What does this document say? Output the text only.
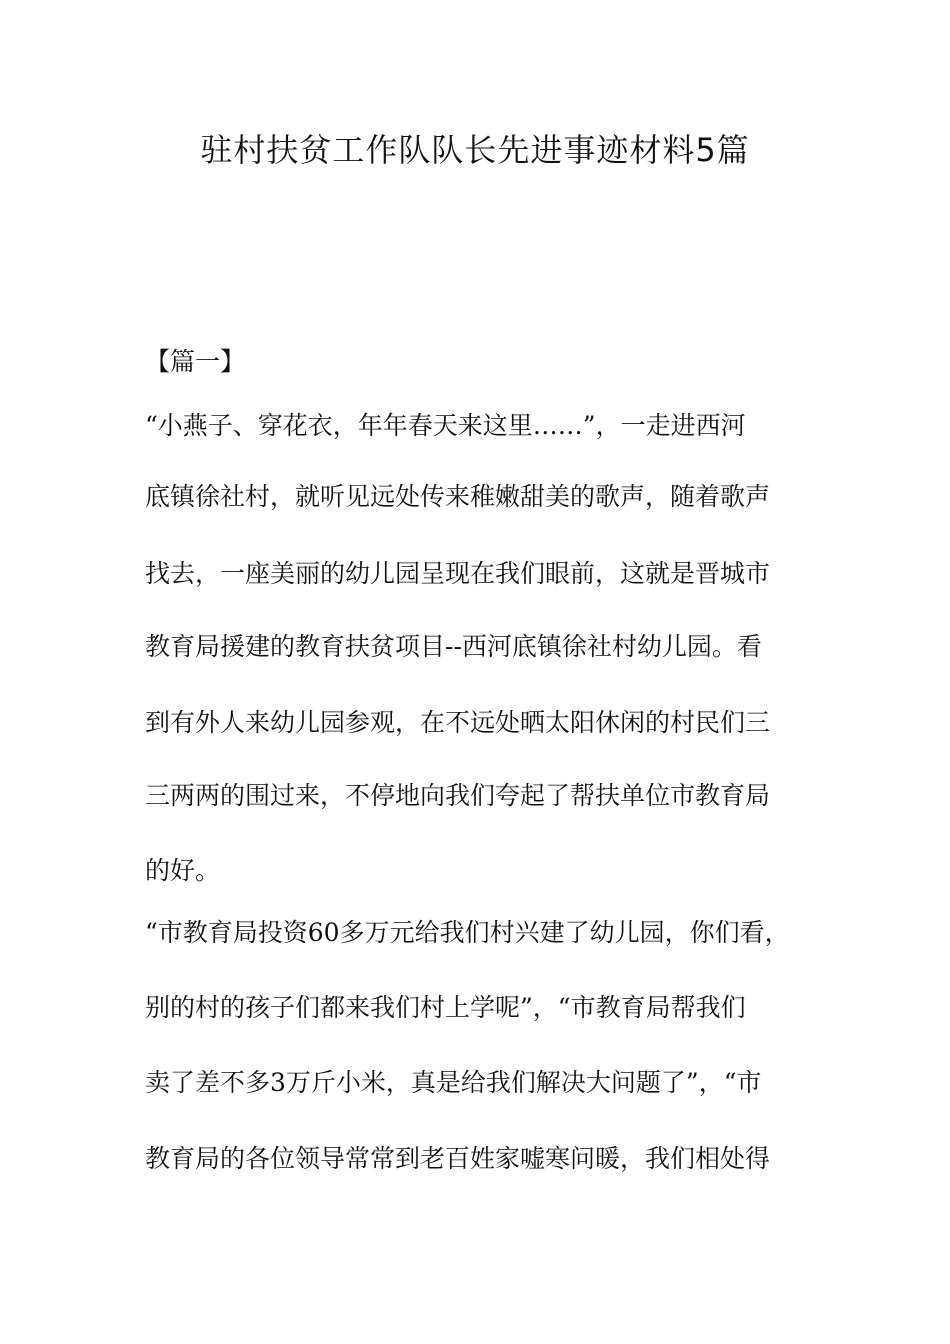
驻村扶贫工作队队长先进事迹材料5篇
【篇一】
“小燕子、穿花衣，年年春天来这里……”，一走进西河
底镇徐社村，就听见远处传来稚嫩甜美的歌声，随着歌声
找去，一座美丽的幼儿园呈现在我们眼前，这就是晋城市
教育局援建的教育扶贫项目--西河底镇徐社村幼儿园。看
到有外人来幼儿园参观，在不远处晒太阳休闲的村民们三
三两两的围过来，不停地向我们夸起了帮扶单位市教育局
的好。
“市教育局投资60多万元给我们村兴建了幼儿园，你们看，
别的村的孩子们都来我们村上学呢”，“市教育局帮我们
卖了差不多3万斤小米，真是给我们解决大问题了”，“市
教育局的各位领导常常到老百姓家嘘寒问暖，我们相处得
